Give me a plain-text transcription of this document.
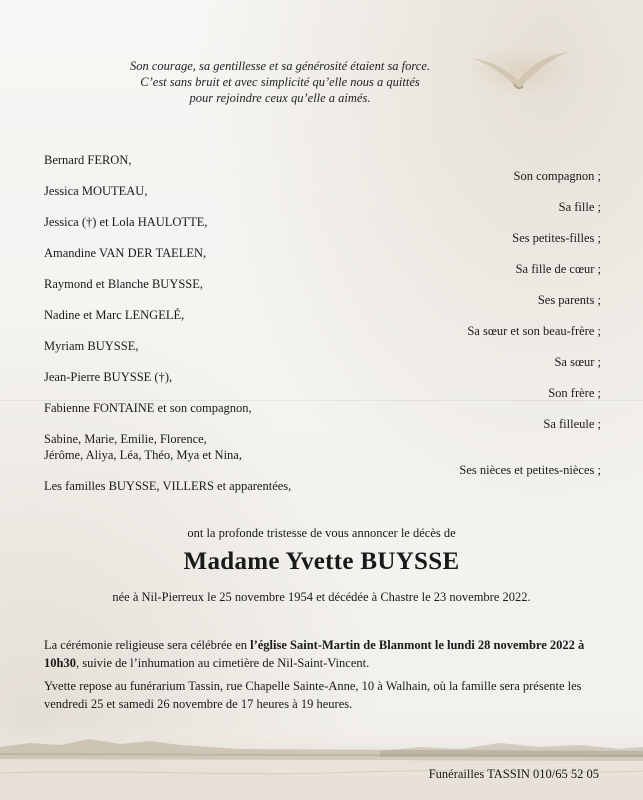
Son courage, sa gentillesse et sa générosité étaient sa force.
C’est sans bruit et avec simplicité qu’elle nous a quittés
pour rejoindre ceux qu’elle a aimés.
Bernard FERON,
Son compagnon ;
Jessica MOUTEAU,
Sa fille ;
Jessica (†) et Lola HAULOTTE,
Ses petites-filles ;
Amandine VAN DER TAELEN,
Sa fille de cœur ;
Raymond et Blanche BUYSSE,
Ses parents ;
Nadine et Marc LENGELÉ,
Sa sœur et son beau-frère ;
Myriam BUYSSE,
Sa sœur ;
Jean-Pierre BUYSSE (†),
Son frère ;
Fabienne FONTAINE et son compagnon,
Sa filleule ;
Sabine, Marie, Emilie, Florence,
Jérôme, Aliya, Léa, Théo, Mya et Nina,
Ses nièces et petites-nièces ;
Les familles BUYSSE, VILLERS et apparentées,
ont la profonde tristesse de vous annoncer le décès de
Madame Yvette BUYSSE
née à Nil-Pierreux le 25 novembre 1954 et décédée à Chastre le 23 novembre 2022.
La cérémonie religieuse sera célébrée en l’église Saint-Martin de Blanmont le lundi 28 novembre 2022 à 10h30, suivie de l’inhumation au cimetière de Nil-Saint-Vincent.
Yvette repose au funérarium Tassin, rue Chapelle Sainte-Anne, 10 à Walhain, où la famille sera présente les vendredi 25 et samedi 26 novembre de 17 heures à 19 heures.
Funérailles TASSIN 010/65 52 05
